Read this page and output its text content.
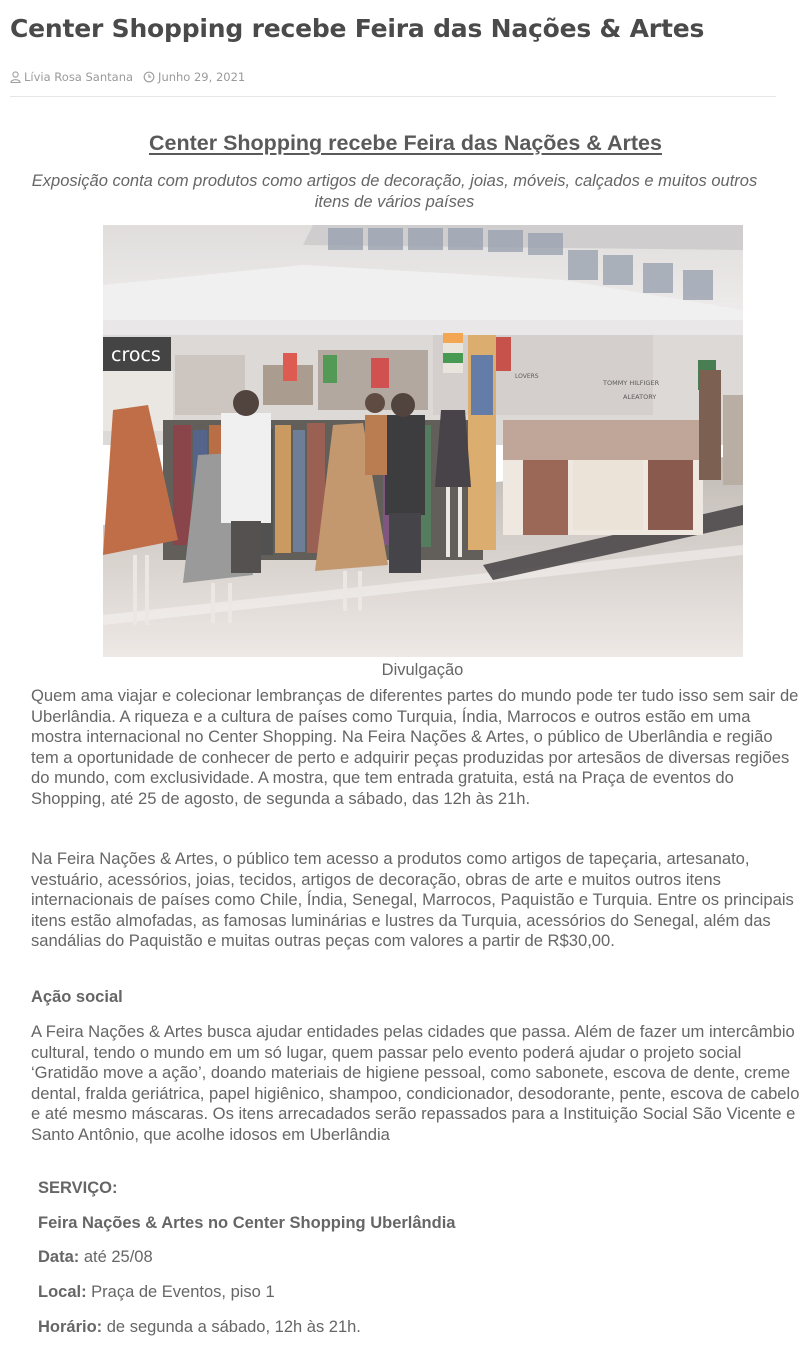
Center Shopping recebe Feira das Nações & Artes
Lívia Rosa Santana Junho 29, 2021
Center Shopping recebe Feira das Nações & Artes

Exposição conta com produtos como artigos de decoração, joias, móveis, calçados e muitos outros itens de vários países

crocs
TOMMY HILFIGER
ALEATORY
LOVERS
Divulgação

Quem ama viajar e colecionar lembranças de diferentes partes do mundo pode ter tudo isso sem sair de Uberlândia. A riqueza e a cultura de países como Turquia, Índia, Marrocos e outros estão em uma mostra internacional no Center Shopping. Na Feira Nações & Artes, o público de Uberlândia e região tem a oportunidade de conhecer de perto e adquirir peças produzidas por artesãos de diversas regiões do mundo, com exclusividade. A mostra, que tem entrada gratuita, está na Praça de eventos do Shopping, até 25 de agosto, de segunda a sábado, das 12h às 21h.

Na Feira Nações & Artes, o público tem acesso a produtos como artigos de tapeçaria, artesanato, vestuário, acessórios, joias, tecidos, artigos de decoração, obras de arte e muitos outros itens internacionais de países como Chile, Índia, Senegal, Marrocos, Paquistão e Turquia. Entre os principais itens estão almofadas, as famosas luminárias e lustres da Turquia, acessórios do Senegal, além das sandálias do Paquistão e muitas outras peças com valores a partir de R$30,00.

Ação social

A Feira Nações & Artes busca ajudar entidades pelas cidades que passa. Além de fazer um intercâmbio cultural, tendo o mundo em um só lugar, quem passar pelo evento poderá ajudar o projeto social ‘Gratidão move a ação’, doando materiais de higiene pessoal, como sabonete, escova de dente, creme dental, fralda geriátrica, papel higiênico, shampoo, condicionador, desodorante, pente, escova de cabelo e até mesmo máscaras. Os itens arrecadados serão repassados para a Instituição Social São Vicente e Santo Antônio, que acolhe idosos em Uberlândia

SERVIÇO:

Feira Nações & Artes no Center Shopping Uberlândia

Data: até 25/08

Local: Praça de Eventos, piso 1

Horário: de segunda a sábado, 12h às 21h.
